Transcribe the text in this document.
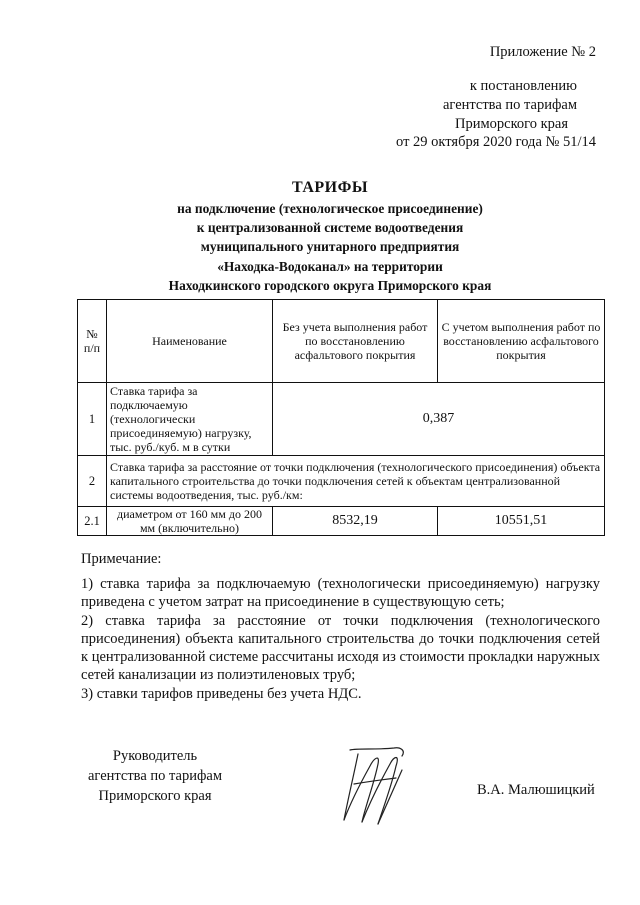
Приложение № 2
к постановлению
агентства по тарифам
Приморского края
от 29 октября 2020 года № 51/14
ТАРИФЫ
на подключение (технологическое присоединение)
к централизованной системе водоотведения
муниципального унитарного предприятия
«Находка-Водоканал» на территории
Находкинского городского округа Приморского края
№ п/п	Наименование	Без учета выполнения работ по восстановлению асфальтового покрытия	С учетом выполнения работ по восстановлению асфальтового покрытия
1	Ставка тарифа за подключаемую (технологически присоединяемую) нагрузку, тыс. руб./куб. м в сутки	0,387	
2	Ставка тарифа за расстояние от точки подключения (технологического присоединения) объекта капитального строительства до точки подключения сетей к объектам централизованной системы водоотведения, тыс. руб./км:		
2.1	диаметром от 160 мм до 200 мм (включительно)	8532,19	10551,51
Примечание:

1) ставка тарифа за подключаемую (технологически присоединяемую) нагрузку приведена с учетом затрат на присоединение в существующую сеть;

2) ставка тарифа за расстояние от точки подключения (технологического присоединения) объекта капитального строительства до точки подключения сетей к централизованной системе рассчитаны исходя из стоимости прокладки наружных сетей канализации из полиэтиленовых труб;

3) ставки тарифов приведены без учета НДС.

Руководитель
агентства по тарифам
Приморского края	В.А. Малюшицкий
